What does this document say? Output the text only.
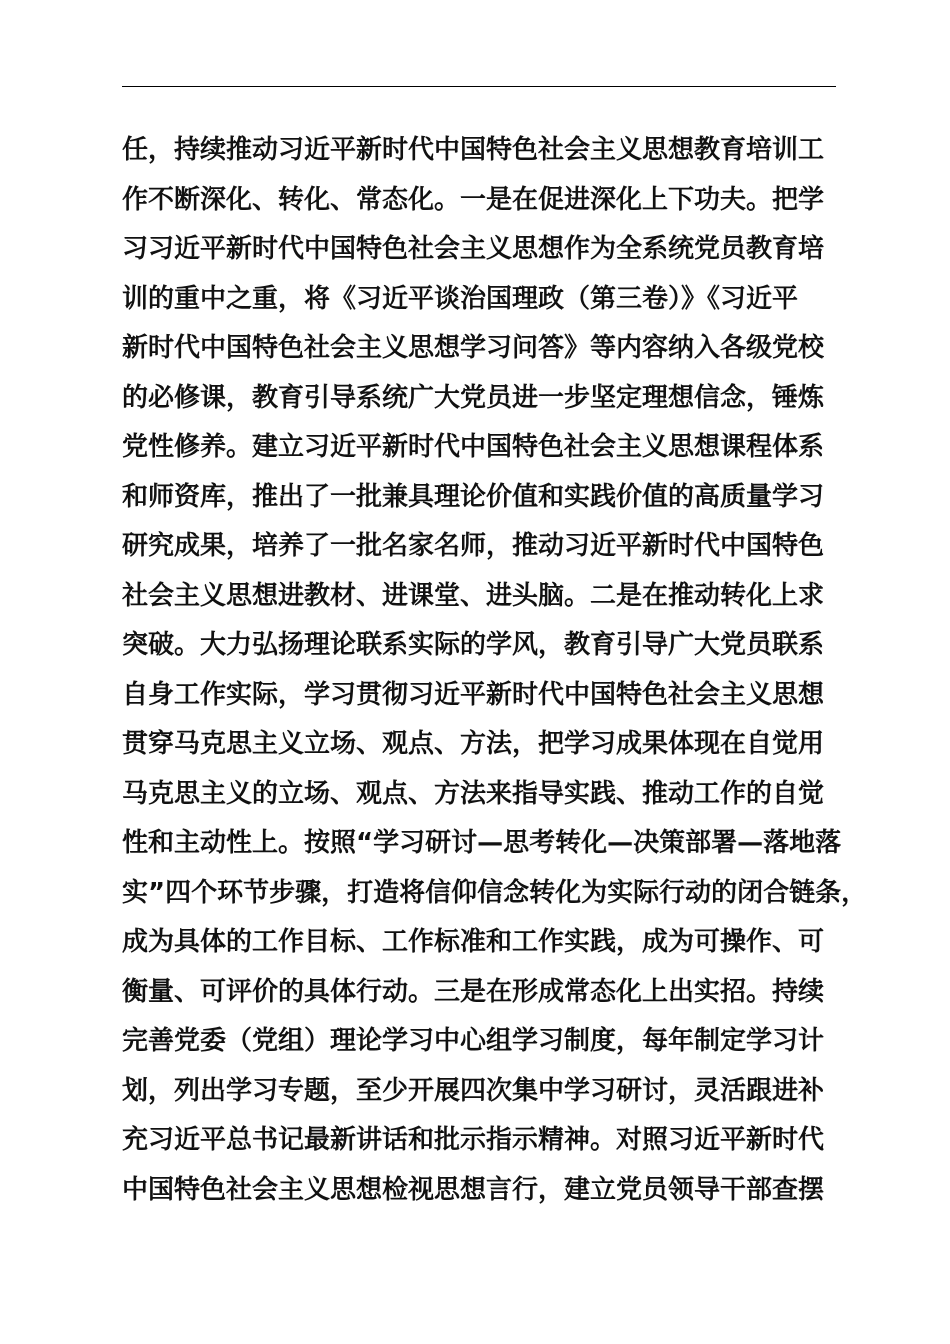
任，持续推动习近平新时代中国特色社会主义思想教育培训工
作不断深化、转化、常态化。一是在促进深化上下功夫。把学
习习近平新时代中国特色社会主义思想作为全系统党员教育培
训的重中之重，将《习近平谈治国理政（第三卷）》《习近平
新时代中国特色社会主义思想学习问答》等内容纳入各级党校
的必修课，教育引导系统广大党员进一步坚定理想信念，锤炼
党性修养。建立习近平新时代中国特色社会主义思想课程体系
和师资库，推出了一批兼具理论价值和实践价值的高质量学习
研究成果，培养了一批名家名师，推动习近平新时代中国特色
社会主义思想进教材、进课堂、进头脑。二是在推动转化上求
突破。大力弘扬理论联系实际的学风，教育引导广大党员联系
自身工作实际，学习贯彻习近平新时代中国特色社会主义思想
贯穿马克思主义立场、观点、方法，把学习成果体现在自觉用
马克思主义的立场、观点、方法来指导实践、推动工作的自觉
性和主动性上。按照“学习研讨—思考转化—决策部署—落地落
实”四个环节步骤，打造将信仰信念转化为实际行动的闭合链条，
成为具体的工作目标、工作标准和工作实践，成为可操作、可
衡量、可评价的具体行动。三是在形成常态化上出实招。持续
完善党委（党组）理论学习中心组学习制度，每年制定学习计
划，列出学习专题，至少开展四次集中学习研讨，灵活跟进补
充习近平总书记最新讲话和批示指示精神。对照习近平新时代
中国特色社会主义思想检视思想言行，建立党员领导干部查摆
